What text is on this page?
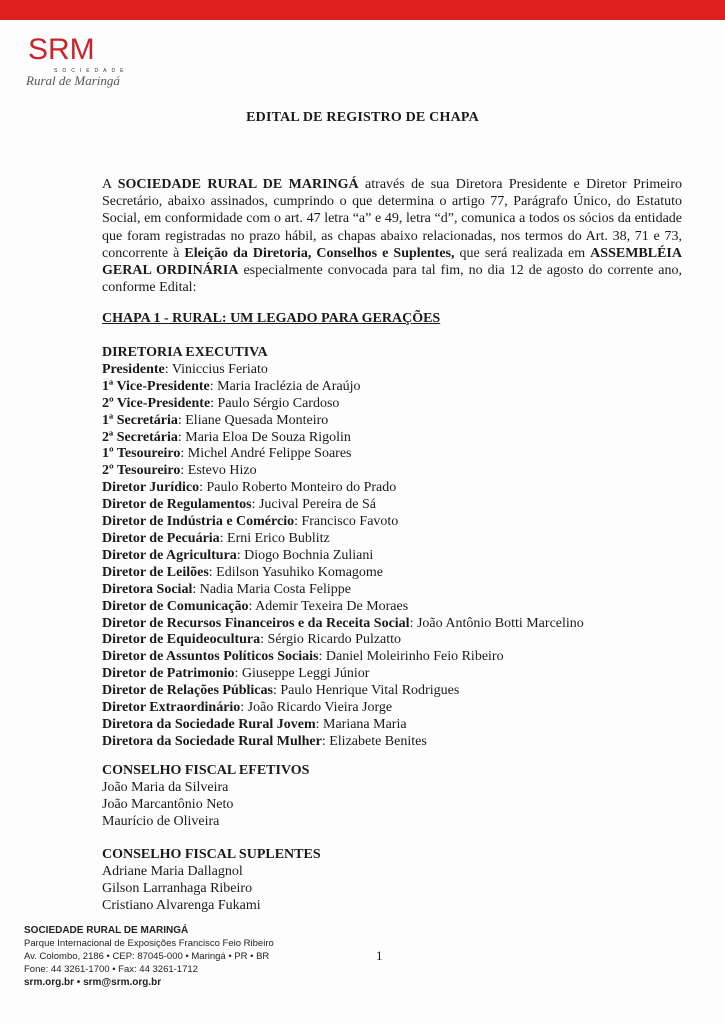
SRM
SOCIEDADE
Rural de Maringá
EDITAL DE REGISTRO DE CHAPA
A SOCIEDADE RURAL DE MARINGÁ através de sua Diretora Presidente e Diretor Primeiro Secretário, abaixo assinados, cumprindo o que determina o artigo 77, Parágrafo Único, do Estatuto Social, em conformidade com o art. 47 letra “a” e 49, letra “d”, comunica a todos os sócios da entidade que foram registradas no prazo hábil, as chapas abaixo relacionadas, nos termos do Art. 38, 71 e 73, concorrente à Eleição da Diretoria, Conselhos e Suplentes, que será realizada em ASSEMBLÉIA GERAL ORDINÁRIA especialmente convocada para tal fim, no dia 12 de agosto do corrente ano, conforme Edital:
CHAPA 1 - RURAL: UM LEGADO PARA GERAÇÕES
DIRETORIA EXECUTIVA
Presidente: Viniccius Feriato
1ª Vice-Presidente: Maria Iraclézia de Araújo
2º Vice-Presidente: Paulo Sérgio Cardoso
1ª Secretária: Eliane Quesada Monteiro
2ª Secretária: Maria Eloa De Souza Rigolin
1º Tesoureiro: Michel André Felippe Soares
2º Tesoureiro: Estevo Hizo
Diretor Jurídico: Paulo Roberto Monteiro do Prado
Diretor de Regulamentos: Jucival Pereira de Sá
Diretor de Indústria e Comércio: Francisco Favoto
Diretor de Pecuária: Erni Erico Bublitz
Diretor de Agricultura: Diogo Bochnia Zuliani
Diretor de Leilões: Edilson Yasuhiko Komagome
Diretora Social: Nadia Maria Costa Felippe
Diretor de Comunicação: Ademir Texeira De Moraes
Diretor de Recursos Financeiros e da Receita Social: João Antônio Botti Marcelino
Diretor de Equideocultura: Sérgio Ricardo Pulzatto
Diretor de Assuntos Políticos Sociais: Daniel Moleirinho Feio Ribeiro
Diretor de Patrimonio: Giuseppe Leggi Júnior
Diretor de Relações Públicas: Paulo Henrique Vital Rodrigues
Diretor Extraordinário: João Ricardo Vieira Jorge
Diretora da Sociedade Rural Jovem: Mariana Maria
Diretora da Sociedade Rural Mulher: Elizabete Benites
CONSELHO FISCAL EFETIVOS
João Maria da Silveira
João Marcantônio Neto
Maurício de Oliveira
CONSELHO FISCAL SUPLENTES
Adriane Maria Dallagnol
Gilson Larranhaga Ribeiro
Cristiano Alvarenga Fukami
1
SOCIEDADE RURAL DE MARINGÁ
Parque Internacional de Exposições Francisco Feio Ribeiro
Av. Colombo, 2186 • CEP: 87045-000 • Maringá • PR • BR
Fone: 44 3261-1700 • Fax: 44 3261-1712
srm.org.br • srm@srm.org.br
